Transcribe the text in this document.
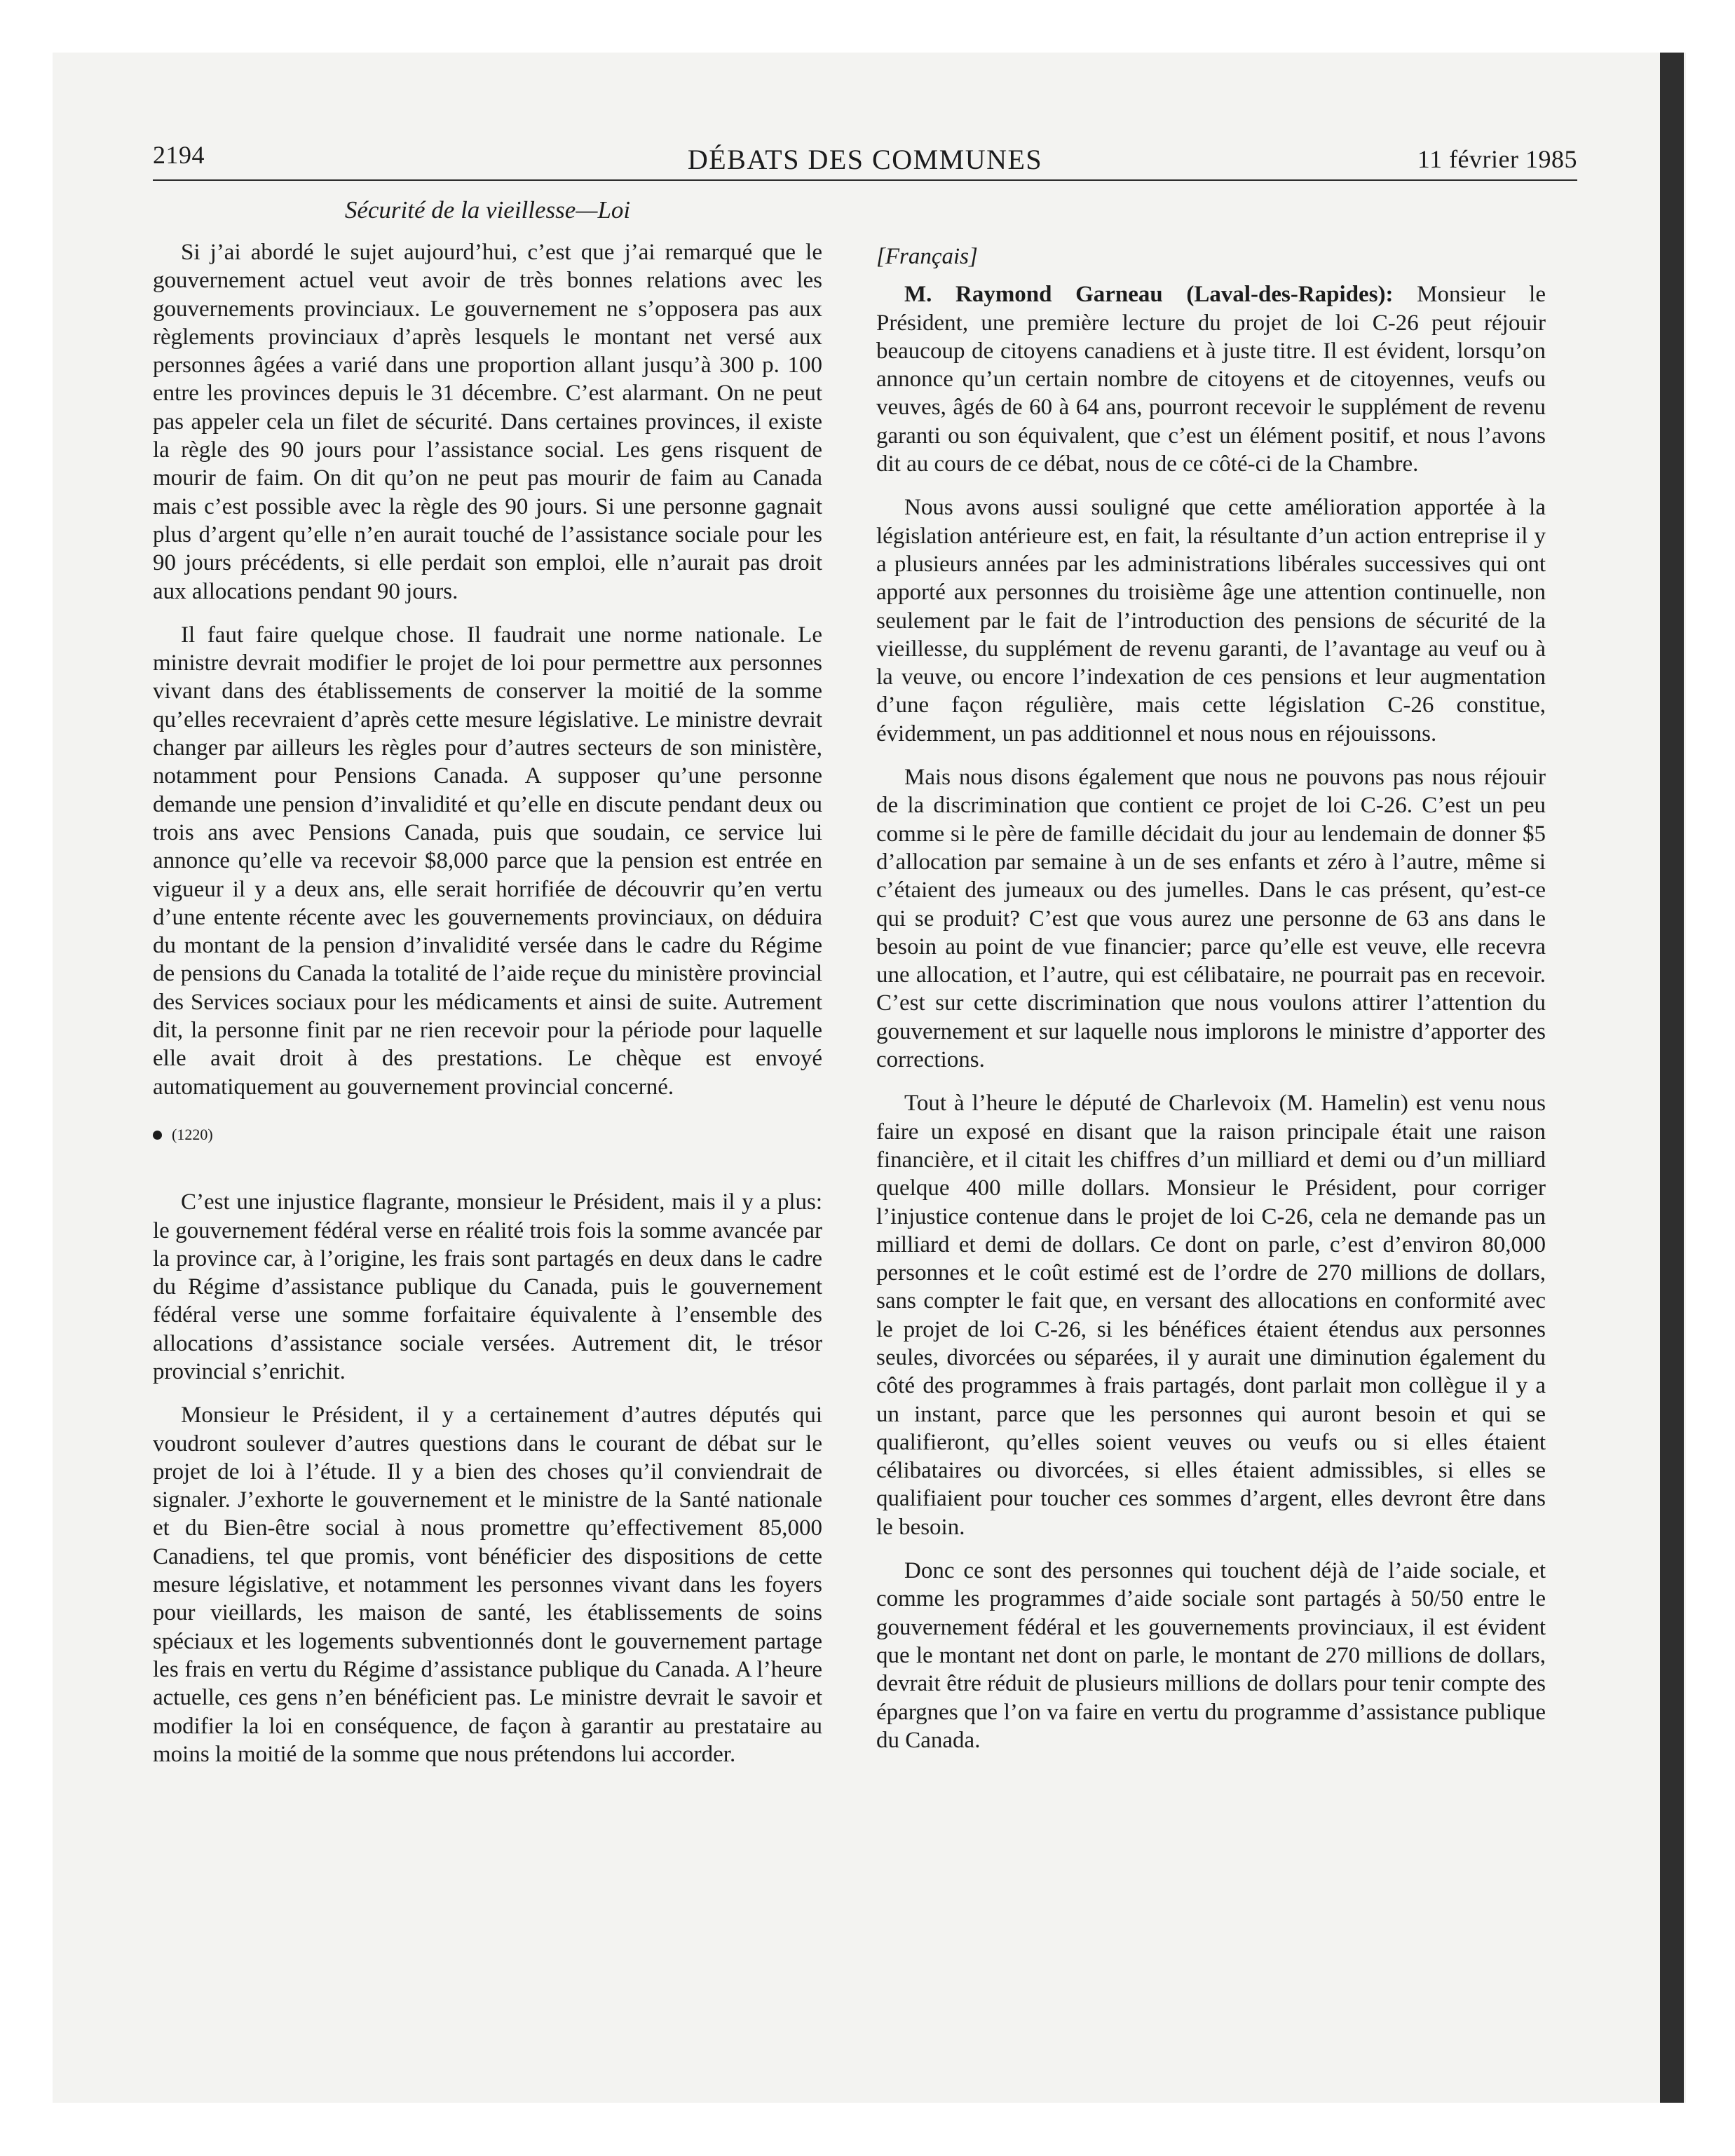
2194	DÉBATS DES COMMUNES	11 février 1985
Sécurité de la vieillesse—Loi

Si j’ai abordé le sujet aujourd’hui, c’est que j’ai remarqué que le gouvernement actuel veut avoir de très bonnes relations avec les gouvernements provinciaux. Le gouvernement ne s’opposera pas aux règlements provinciaux d’après lesquels le montant net versé aux personnes âgées a varié dans une proportion allant jusqu’à 300 p. 100 entre les provinces depuis le 31 décembre. C’est alarmant. On ne peut pas appeler cela un filet de sécurité. Dans certaines provinces, il existe la règle des 90 jours pour l’assistance social. Les gens risquent de mourir de faim. On dit qu’on ne peut pas mourir de faim au Canada mais c’est possible avec la règle des 90 jours. Si une personne gagnait plus d’argent qu’elle n’en aurait touché de l’assistance sociale pour les 90 jours précédents, si elle perdait son emploi, elle n’aurait pas droit aux allocations pendant 90 jours.

Il faut faire quelque chose. Il faudrait une norme nationale. Le ministre devrait modifier le projet de loi pour permettre aux personnes vivant dans des établissements de conserver la moitié de la somme qu’elles recevraient d’après cette mesure législative. Le ministre devrait changer par ailleurs les règles pour d’autres secteurs de son ministère, notamment pour Pensions Canada. A supposer qu’une personne demande une pension d’invalidité et qu’elle en discute pendant deux ou trois ans avec Pensions Canada, puis que soudain, ce service lui annonce qu’elle va recevoir $8,000 parce que la pension est entrée en vigueur il y a deux ans, elle serait horrifiée de découvrir qu’en vertu d’une entente récente avec les gouvernements provinciaux, on déduira du montant de la pension d’invalidité versée dans le cadre du Régime de pensions du Canada la totalité de l’aide reçue du ministère provincial des Services sociaux pour les médicaments et ainsi de suite. Autrement dit, la personne finit par ne rien recevoir pour la période pour laquelle elle avait droit à des prestations. Le chèque est envoyé automatiquement au gouvernement provincial concerné.

(1220)

C’est une injustice flagrante, monsieur le Président, mais il y a plus: le gouvernement fédéral verse en réalité trois fois la somme avancée par la province car, à l’origine, les frais sont partagés en deux dans le cadre du Régime d’assistance publique du Canada, puis le gouvernement fédéral verse une somme forfaitaire équivalente à l’ensemble des allocations d’assistance sociale versées. Autrement dit, le trésor provincial s’enrichit.

Monsieur le Président, il y a certainement d’autres députés qui voudront soulever d’autres questions dans le courant de débat sur le projet de loi à l’étude. Il y a bien des choses qu’il conviendrait de signaler. J’exhorte le gouvernement et le ministre de la Santé nationale et du Bien-être social à nous promettre qu’effectivement 85,000 Canadiens, tel que promis, vont bénéficier des dispositions de cette mesure législative, et notamment les personnes vivant dans les foyers pour vieillards, les maison de santé, les établissements de soins spéciaux et les logements subventionnés dont le gouvernement partage les frais en vertu du Régime d’assistance publique du Canada. A l’heure actuelle, ces gens n’en bénéficient pas. Le ministre devrait le savoir et modifier la loi en conséquence, de façon à garantir au prestataire au moins la moitié de la somme que nous prétendons lui accorder.

[Français]

M. Raymond Garneau (Laval-des-Rapides): Monsieur le Président, une première lecture du projet de loi C-26 peut réjouir beaucoup de citoyens canadiens et à juste titre. Il est évident, lorsqu’on annonce qu’un certain nombre de citoyens et de citoyennes, veufs ou veuves, âgés de 60 à 64 ans, pourront recevoir le supplément de revenu garanti ou son équivalent, que c’est un élément positif, et nous l’avons dit au cours de ce débat, nous de ce côté-ci de la Chambre.

Nous avons aussi souligné que cette amélioration apportée à la législation antérieure est, en fait, la résultante d’un action entreprise il y a plusieurs années par les administrations libérales successives qui ont apporté aux personnes du troisième âge une attention continuelle, non seulement par le fait de l’introduction des pensions de sécurité de la vieillesse, du supplément de revenu garanti, de l’avantage au veuf ou à la veuve, ou encore l’indexation de ces pensions et leur augmentation d’une façon régulière, mais cette législation C-26 constitue, évidemment, un pas additionnel et nous nous en réjouissons.

Mais nous disons également que nous ne pouvons pas nous réjouir de la discrimination que contient ce projet de loi C-26. C’est un peu comme si le père de famille décidait du jour au lendemain de donner $5 d’allocation par semaine à un de ses enfants et zéro à l’autre, même si c’étaient des jumeaux ou des jumelles. Dans le cas présent, qu’est-ce qui se produit? C’est que vous aurez une personne de 63 ans dans le besoin au point de vue financier; parce qu’elle est veuve, elle recevra une allocation, et l’autre, qui est célibataire, ne pourrait pas en recevoir. C’est sur cette discrimination que nous voulons attirer l’attention du gouvernement et sur laquelle nous implorons le ministre d’apporter des corrections.

Tout à l’heure le député de Charlevoix (M. Hamelin) est venu nous faire un exposé en disant que la raison principale était une raison financière, et il citait les chiffres d’un milliard et demi ou d’un milliard quelque 400 mille dollars. Monsieur le Président, pour corriger l’injustice contenue dans le projet de loi C-26, cela ne demande pas un milliard et demi de dollars. Ce dont on parle, c’est d’environ 80,000 personnes et le coût estimé est de l’ordre de 270 millions de dollars, sans compter le fait que, en versant des allocations en conformité avec le projet de loi C-26, si les bénéfices étaient étendus aux personnes seules, divorcées ou séparées, il y aurait une diminution également du côté des programmes à frais partagés, dont parlait mon collègue il y a un instant, parce que les personnes qui auront besoin et qui se qualifieront, qu’elles soient veuves ou veufs ou si elles étaient célibataires ou divorcées, si elles étaient admissibles, si elles se qualifiaient pour toucher ces sommes d’argent, elles devront être dans le besoin.

Donc ce sont des personnes qui touchent déjà de l’aide sociale, et comme les programmes d’aide sociale sont partagés à 50/50 entre le gouvernement fédéral et les gouvernements provinciaux, il est évident que le montant net dont on parle, le montant de 270 millions de dollars, devrait être réduit de plusieurs millions de dollars pour tenir compte des épargnes que l’on va faire en vertu du programme d’assistance publique du Canada.
